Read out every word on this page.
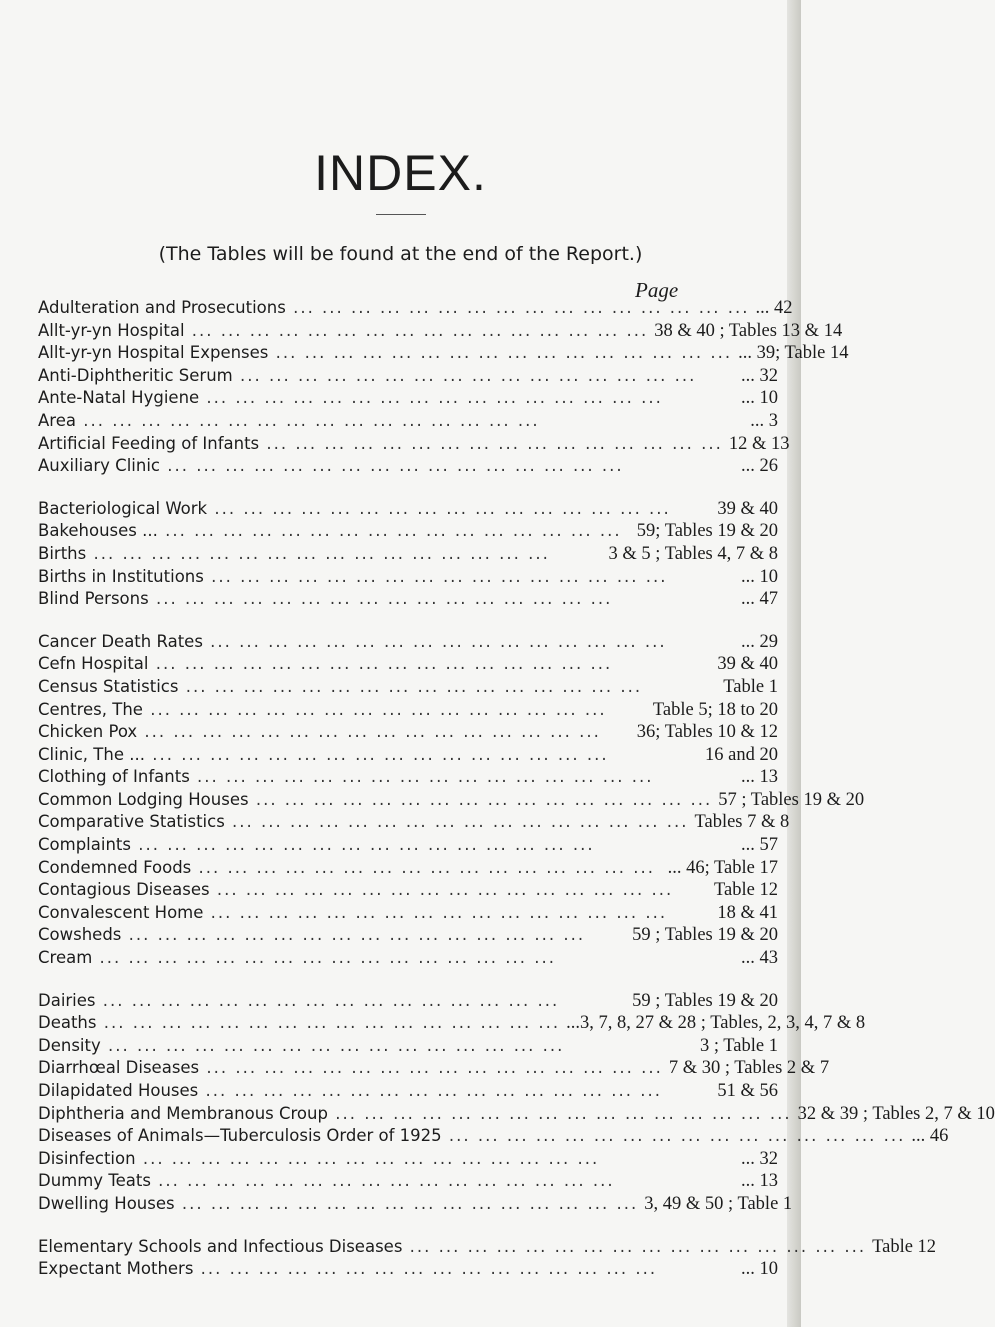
INDEX.
(The Tables will be found at the end of the Report.)
Page
Adulteration and Prosecutions ... ... ... ... ... ... ... ... ... ... ... ... ... ... ... ... ... 42
Allt-yr-yn Hospital ... ... ... ... ... ... ... ... ... ... ... ... ... ... ... ... 38 & 40 ; Tables 13 & 14
Allt-yr-yn Hospital Expenses ... ... ... ... ... ... ... ... ... ... ... ... ... ... ... ... ... 39; Table 14
Anti-Diphtheritic Serum ... ... ... ... ... ... ... ... ... ... ... ... ... ... ... ...	... 32
Ante-Natal Hygiene ... ... ... ... ... ... ... ... ... ... ... ... ... ... ... ...	... 10
Area ... ... ... ... ... ... ... ... ... ... ... ... ... ... ... ...	... 3
Artificial Feeding of Infants ... ... ... ... ... ... ... ... ... ... ... ... ... ... ... ... 12 & 13
Auxiliary Clinic ... ... ... ... ... ... ... ... ... ... ... ... ... ... ... ...	... 26
Bacteriological Work ... ... ... ... ... ... ... ... ... ... ... ... ... ... ... ...	39 & 40
Bakehouses ... ... ... ... ... ... ... ... ... ... ... ... ... ... ... ... ... 59; Tables 19 & 20
Births ... ... ... ... ... ... ... ... ... ... ... ... ... ... ... ...	3 & 5 ; Tables 4, 7 & 8
Births in Institutions ... ... ... ... ... ... ... ... ... ... ... ... ... ... ... ...	... 10
Blind Persons ... ... ... ... ... ... ... ... ... ... ... ... ... ... ... ...	... 47
Cancer Death Rates ... ... ... ... ... ... ... ... ... ... ... ... ... ... ... ...	... 29
Cefn Hospital ... ... ... ... ... ... ... ... ... ... ... ... ... ... ... ...	39 & 40
Census Statistics ... ... ... ... ... ... ... ... ... ... ... ... ... ... ... ...	Table 1
Centres, The ... ... ... ... ... ... ... ... ... ... ... ... ... ... ... ...	Table 5; 18 to 20
Chicken Pox ... ... ... ... ... ... ... ... ... ... ... ... ... ... ... ...	36; Tables 10 & 12
Clinic, The ... ... ... ... ... ... ... ... ... ... ... ... ... ... ... ... ...	16 and 20
Clothing of Infants ... ... ... ... ... ... ... ... ... ... ... ... ... ... ... ...	... 13
Common Lodging Houses ... ... ... ... ... ... ... ... ... ... ... ... ... ... ... ... 57 ; Tables 19 & 20
Comparative Statistics ... ... ... ... ... ... ... ... ... ... ... ... ... ... ... ... Tables 7 & 8
Complaints ... ... ... ... ... ... ... ... ... ... ... ... ... ... ... ...	... 57
Condemned Foods ... ... ... ... ... ... ... ... ... ... ... ... ... ... ... ... ... 46; Table 17
Contagious Diseases ... ... ... ... ... ... ... ... ... ... ... ... ... ... ... ...	Table 12
Convalescent Home ... ... ... ... ... ... ... ... ... ... ... ... ... ... ... ...	18 & 41
Cowsheds ... ... ... ... ... ... ... ... ... ... ... ... ... ... ... ...	59 ; Tables 19 & 20
Cream ... ... ... ... ... ... ... ... ... ... ... ... ... ... ... ...	... 43
Dairies ... ... ... ... ... ... ... ... ... ... ... ... ... ... ... ...	59 ; Tables 19 & 20
Deaths ... ... ... ... ... ... ... ... ... ... ... ... ... ... ... ... ...3, 7, 8, 27 & 28 ; Tables, 2, 3, 4, 7 & 8
Density ... ... ... ... ... ... ... ... ... ... ... ... ... ... ... ...	3 ; Table 1
Diarrhœal Diseases ... ... ... ... ... ... ... ... ... ... ... ... ... ... ... ... 7 & 30 ; Tables 2 & 7
Dilapidated Houses ... ... ... ... ... ... ... ... ... ... ... ... ... ... ... ...	51 & 56
Diphtheria and Membranous Croup ... ... ... ... ... ... ... ... ... ... ... ... ... ... ... ... 32 & 39 ; Tables 2, 7 & 10
Diseases of Animals—Tuberculosis Order of 1925 ... ... ... ... ... ... ... ... ... ... ... ... ... ... ... ... ... 46
Disinfection ... ... ... ... ... ... ... ... ... ... ... ... ... ... ... ...	... 32
Dummy Teats ... ... ... ... ... ... ... ... ... ... ... ... ... ... ... ...	... 13
Dwelling Houses ... ... ... ... ... ... ... ... ... ... ... ... ... ... ... ... 3, 49 & 50 ; Table 1
Elementary Schools and Infectious Diseases ... ... ... ... ... ... ... ... ... ... ... ... ... ... ... ... Table 12
Expectant Mothers ... ... ... ... ... ... ... ... ... ... ... ... ... ... ... ...	... 10
